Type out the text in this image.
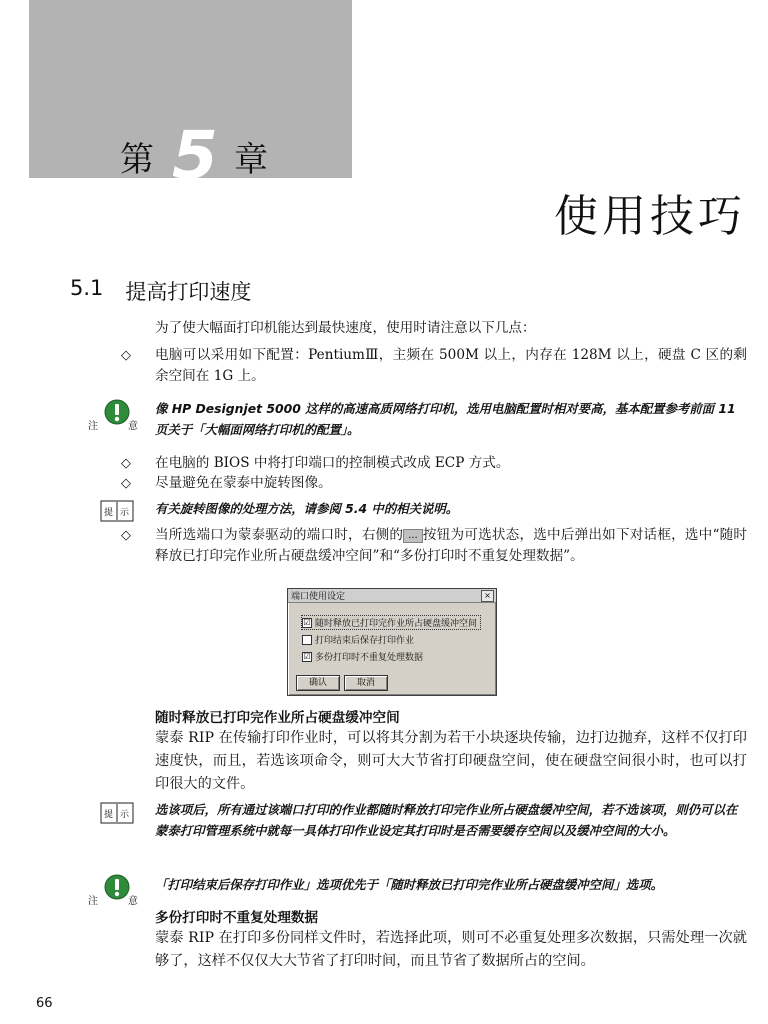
第 5 章
使用技巧
5.1 提高打印速度
为了使大幅面打印机能达到最快速度，使用时请注意以下几点：
◇	电脑可以采用如下配置：PentiumⅢ，主频在 500M 以上，内存在 128M 以上，硬盘 C 区的剩余空间在 1G 上。
注	意
像 HP Designjet 5000 这样的高速高质网络打印机，选用电脑配置时相对要高，基本配置参考前面 11 页关于「大幅面网络打印机的配置」。
◇	在电脑的 BIOS 中将打印端口的控制模式改成 ECP 方式。
◇	尽量避免在蒙泰中旋转图像。
提 示 有关旋转图像的处理方法，请参阅 5.4 中的相关说明。
◇	当所选端口为蒙泰驱动的端口时，右侧的 ... 按钮为可选状态，选中后弹出如下对话框，选中“随时释放已打印完作业所占硬盘缓冲空间”和“多份打印时不重复处理数据”。
端口使用设定	×
☑ 随时释放已打印完作业所占硬盘缓冲空间
打印结束后保存打印作业
☑ 多份打印时不重复处理数据
确认	取消
随时释放已打印完作业所占硬盘缓冲空间
蒙泰 RIP 在传输打印作业时，可以将其分割为若干小块逐块传输，边打边抛弃，这样不仅打印速度快，而且，若选该项命令，则可大大节省打印硬盘空间，使在硬盘空间很小时，也可以打印很大的文件。
提 示 选该项后，所有通过该端口打印的作业都随时释放打印完作业所占硬盘缓冲空间，若不选该项，则仍可以在蒙泰打印管理系统中就每一具体打印作业设定其打印时是否需要缓存空间以及缓冲空间的大小。
注	意
「打印结束后保存打印作业」选项优先于「随时释放已打印完作业所占硬盘缓冲空间」选项。
多份打印时不重复处理数据
蒙泰 RIP 在打印多份同样文件时，若选择此项，则可不必重复处理多次数据，只需处理一次就够了，这样不仅仅大大节省了打印时间，而且节省了数据所占的空间。
66
